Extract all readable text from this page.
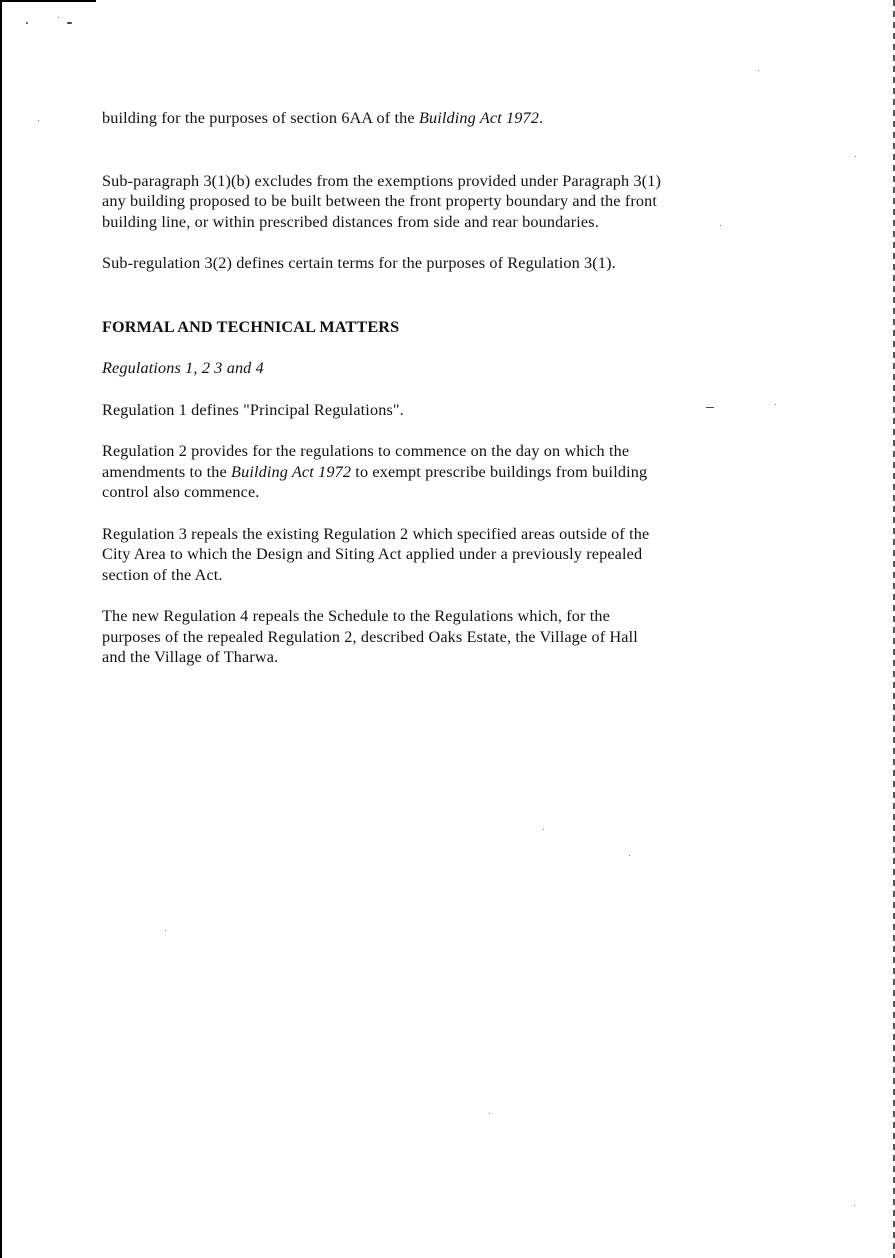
building for the purposes of section 6AA of the Building Act 1972.

Sub-paragraph 3(1)(b) excludes from the exemptions provided under Paragraph 3(1)
any building proposed to be built between the front property boundary and the front
building line, or within prescribed distances from side and rear boundaries.

Sub-regulation 3(2) defines certain terms for the purposes of Regulation 3(1).

FORMAL AND TECHNICAL MATTERS

Regulations 1, 2 3 and 4

Regulation 1 defines "Principal Regulations".

Regulation 2 provides for the regulations to commence on the day on which the
amendments to the Building Act 1972 to exempt prescribe buildings from building
control also commence.

Regulation 3 repeals the existing Regulation 2 which specified areas outside of the
City Area to which the Design and Siting Act applied under a previously repealed
section of the Act.

The new Regulation 4 repeals the Schedule to the Regulations which, for the
purposes of the repealed Regulation 2, described Oaks Estate, the Village of Hall
and the Village of Tharwa.
